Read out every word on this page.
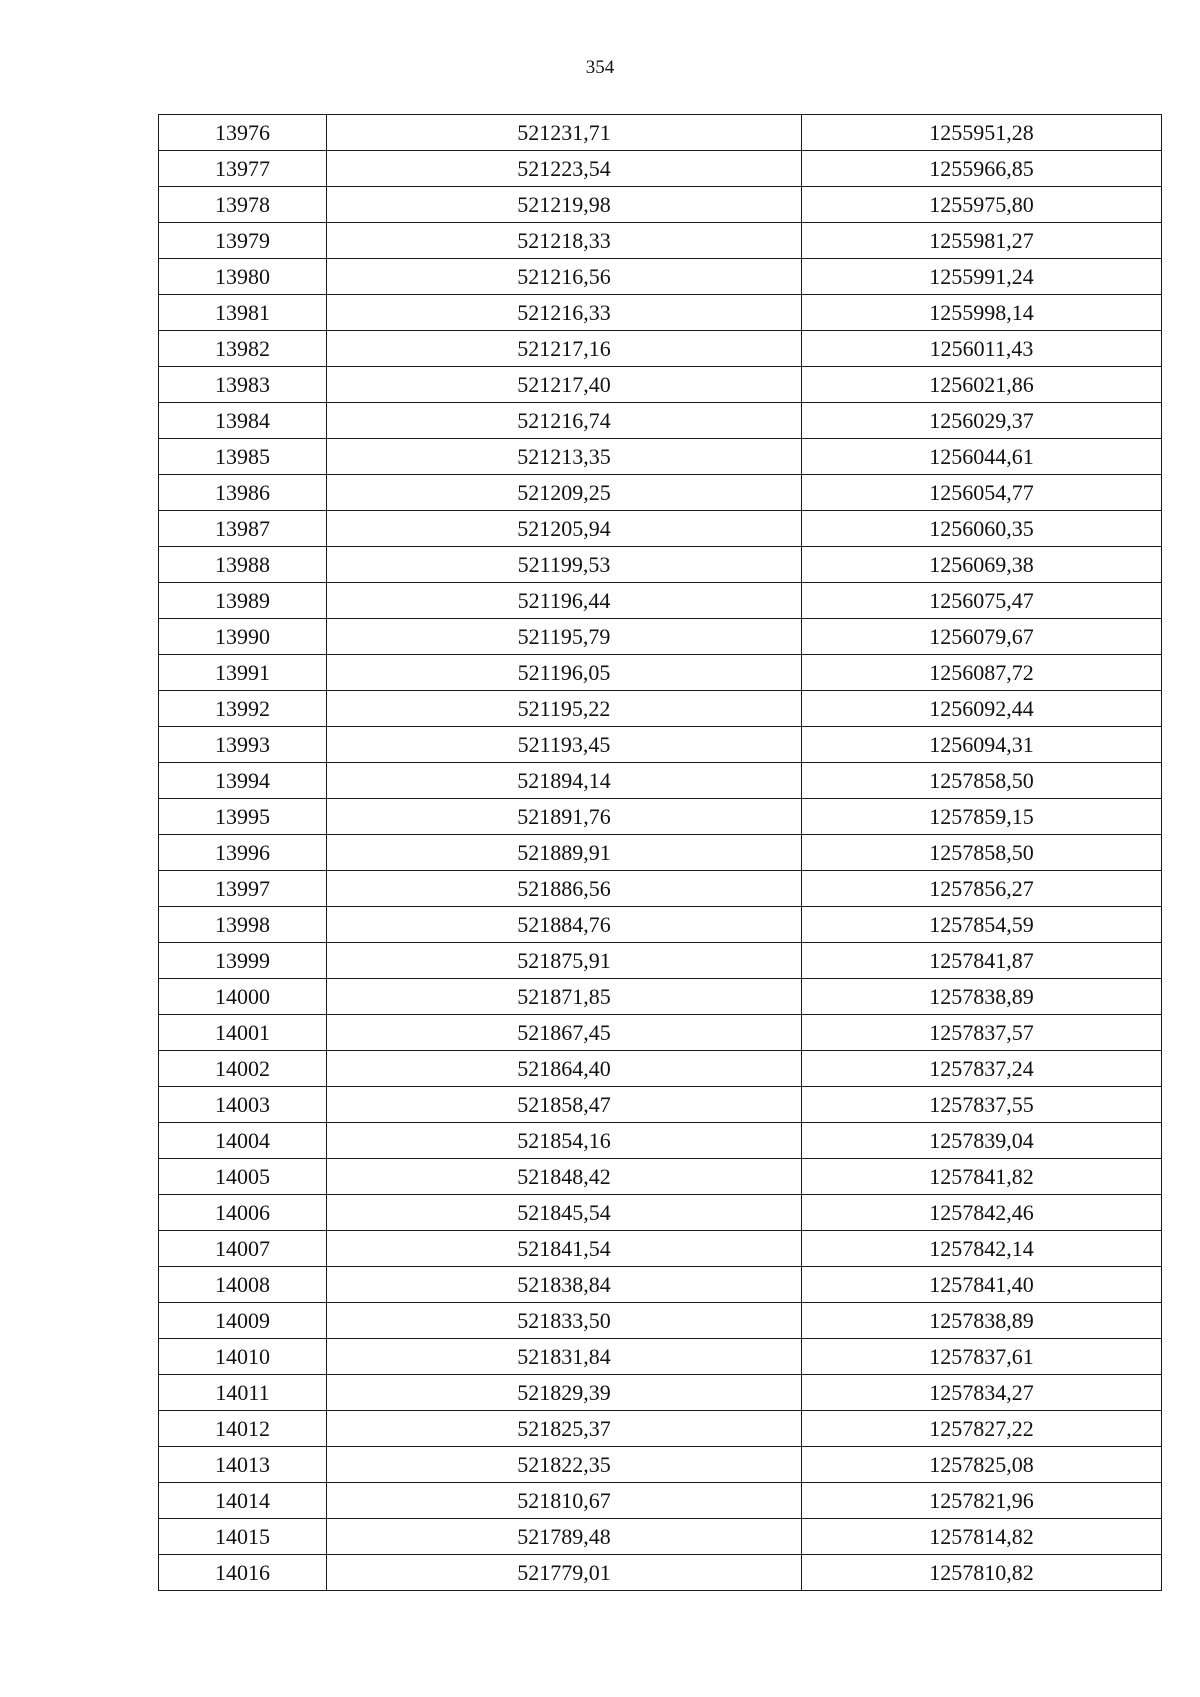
354
13976	521231,71	1255951,28
13977	521223,54	1255966,85
13978	521219,98	1255975,80
13979	521218,33	1255981,27
13980	521216,56	1255991,24
13981	521216,33	1255998,14
13982	521217,16	1256011,43
13983	521217,40	1256021,86
13984	521216,74	1256029,37
13985	521213,35	1256044,61
13986	521209,25	1256054,77
13987	521205,94	1256060,35
13988	521199,53	1256069,38
13989	521196,44	1256075,47
13990	521195,79	1256079,67
13991	521196,05	1256087,72
13992	521195,22	1256092,44
13993	521193,45	1256094,31
13994	521894,14	1257858,50
13995	521891,76	1257859,15
13996	521889,91	1257858,50
13997	521886,56	1257856,27
13998	521884,76	1257854,59
13999	521875,91	1257841,87
14000	521871,85	1257838,89
14001	521867,45	1257837,57
14002	521864,40	1257837,24
14003	521858,47	1257837,55
14004	521854,16	1257839,04
14005	521848,42	1257841,82
14006	521845,54	1257842,46
14007	521841,54	1257842,14
14008	521838,84	1257841,40
14009	521833,50	1257838,89
14010	521831,84	1257837,61
14011	521829,39	1257834,27
14012	521825,37	1257827,22
14013	521822,35	1257825,08
14014	521810,67	1257821,96
14015	521789,48	1257814,82
14016	521779,01	1257810,82
